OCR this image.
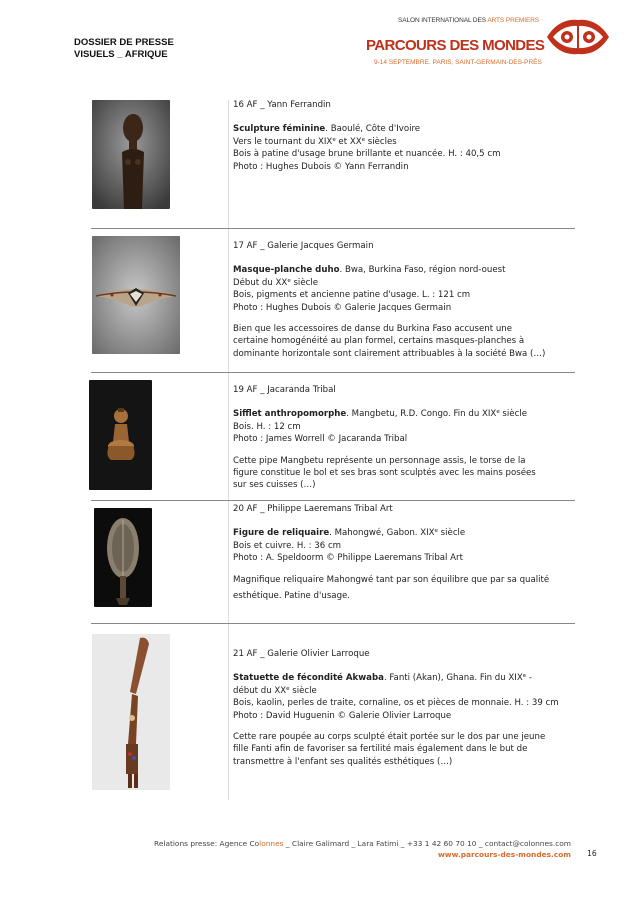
DOSSIER DE PRESSE
VISUELS _ AFRIQUE
SALON INTERNATIONAL DES ARTS PREMIERS
PARCOURS DES MONDES
9-14 SEPTEMBRE. PARIS, SAINT-GERMAIN-DES-PRÉS

16 AF _ Yann Ferrandin

Sculpture féminine. Baoulé, Côte d'Ivoire

Vers le tournant du XIXe et XXe siècles

Bois à patine d'usage brune brillante et nuancée. H. : 40,5 cm

Photo : Hughes Dubois © Yann Ferrandin

17 AF _ Galerie Jacques Germain

Masque-planche duho. Bwa, Burkina Faso, région nord-ouest

Début du XXe siècle

Bois, pigments et ancienne patine d'usage. L. : 121 cm

Photo : Hughes Dubois © Galerie Jacques Germain

Bien que les accessoires de danse du Burkina Faso accusent une

certaine homogénéité au plan formel, certains masques-planches à

dominante horizontale sont clairement attribuables à la société Bwa (…)

19 AF _ Jacaranda Tribal

Sifflet anthropomorphe. Mangbetu, R.D. Congo. Fin du XIXe siècle

Bois. H. : 12 cm

Photo : James Worrell © Jacaranda Tribal

Cette pipe Mangbetu représente un personnage assis, le torse de la

figure constitue le bol et ses bras sont sculptés avec les mains posées

sur ses cuisses (…)

20 AF _ Philippe Laeremans Tribal Art

Figure de reliquaire. Mahongwé, Gabon. XIXe siècle

Bois et cuivre. H. : 36 cm

Photo : A. Speldoorm © Philippe Laeremans Tribal Art

Magnifique reliquaire Mahongwé tant par son équilibre que par sa qualité

esthétique. Patine d'usage.

21 AF _ Galerie Olivier Larroque

Statuette de fécondité Akwaba. Fanti (Akan), Ghana. Fin du XIXe -

début du XXe siècle

Bois, kaolin, perles de traite, cornaline, os et pièces de monnaie. H. : 39 cm

Photo : David Huguenin © Galerie Olivier Larroque

Cette rare poupée au corps sculpté était portée sur le dos par une jeune

fille Fanti afin de favoriser sa fertilité mais également dans le but de

transmettre à l'enfant ses qualités esthétiques (…)

Relations presse: Agence Colonnes _ Claire Galimard _ Lara Fatimi _ +33 1 42 60 70 10 _ contact@colonnes.com
www.parcours-des-mondes.com 16
